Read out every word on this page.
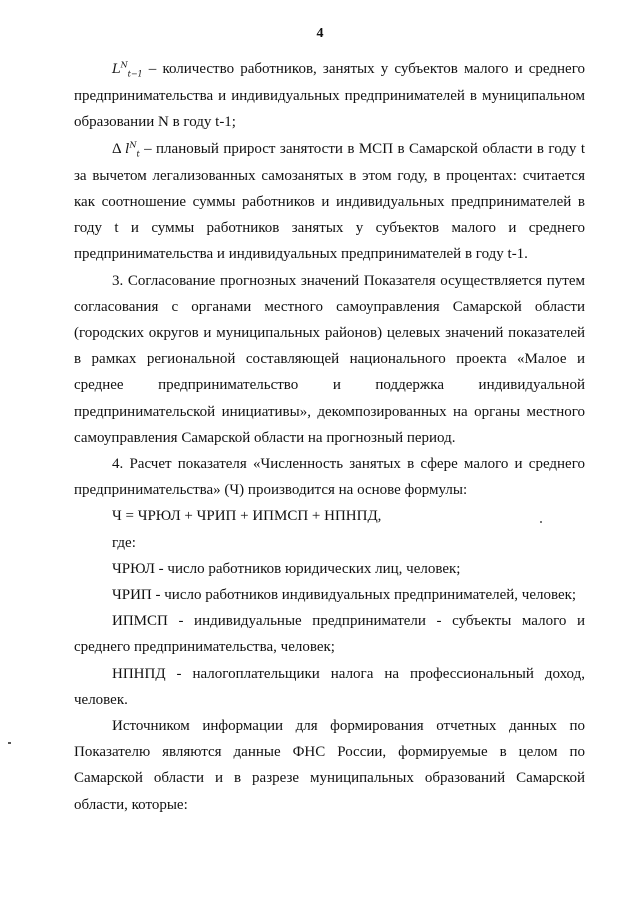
4

$L^N_{t-1}$ – количество работников, занятых у субъектов малого и среднего предпринимательства и индивидуальных предпринимателей в муниципальном образовании N в году t-1;

Δ $l^N_t$ – плановый прирост занятости в МСП в Самарской области в году t за вычетом легализованных самозанятых в этом году, в процентах: считается как соотношение суммы работников и индивидуальных предпринимателей в году t и суммы работников занятых у субъектов малого и среднего предпринимательства и индивидуальных предпринимателей в году t-1.

3. Согласование прогнозных значений Показателя осуществляется путем согласования с органами местного самоуправления Самарской области (городских округов и муниципальных районов) целевых значений показателей в рамках региональной составляющей национального проекта «Малое и среднее предпринимательство и поддержка индивидуальной предпринимательской инициативы», декомпозированных на органы местного самоуправления Самарской области на прогнозный период.

4. Расчет показателя «Численность занятых в сфере малого и среднего предпринимательства» (Ч) производится на основе формулы:

Ч = ЧРЮЛ + ЧРИП + ИПМСП + НПНПД,

где:

ЧРЮЛ - число работников юридических лиц, человек;

ЧРИП - число работников индивидуальных предпринимателей, человек;

ИПМСП - индивидуальные предприниматели - субъекты малого и среднего предпринимательства, человек;

НПНПД - налогоплательщики налога на профессиональный доход, человек.

Источником информации для формирования отчетных данных по Показателю являются данные ФНС России, формируемые в целом по Самарской области и в разрезе муниципальных образований Самарской области, которые:
